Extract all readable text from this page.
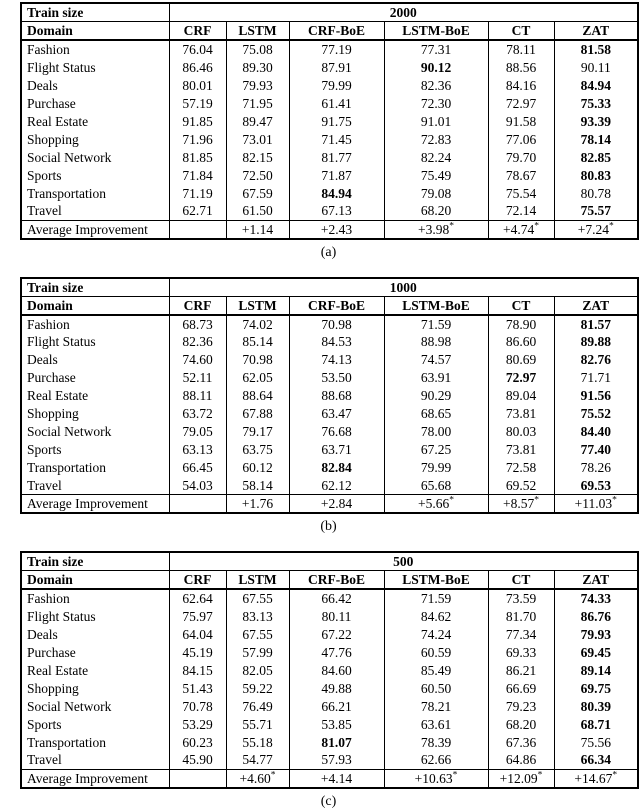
Train size	2000					
Domain	CRF	LSTM	CRF-BoE	LSTM-BoE	CT	ZAT
Fashion	76.04	75.08	77.19	77.31	78.11	81.58
Flight Status	86.46	89.30	87.91	90.12	88.56	90.11
Deals	80.01	79.93	79.99	82.36	84.16	84.94
Purchase	57.19	71.95	61.41	72.30	72.97	75.33
Real Estate	91.85	89.47	91.75	91.01	91.58	93.39
Shopping	71.96	73.01	71.45	72.83	77.06	78.14
Social Network	81.85	82.15	81.77	82.24	79.70	82.85
Sports	71.84	72.50	71.87	75.49	78.67	80.83
Transportation	71.19	67.59	84.94	79.08	75.54	80.78
Travel	62.71	61.50	67.13	68.20	72.14	75.57
Average Improvement		+1.14	+2.43	+3.98*	+4.74*	+7.24*
(a)
Train size	1000					
Domain	CRF	LSTM	CRF-BoE	LSTM-BoE	CT	ZAT
Fashion	68.73	74.02	70.98	71.59	78.90	81.57
Flight Status	82.36	85.14	84.53	88.98	86.60	89.88
Deals	74.60	70.98	74.13	74.57	80.69	82.76
Purchase	52.11	62.05	53.50	63.91	72.97	71.71
Real Estate	88.11	88.64	88.68	90.29	89.04	91.56
Shopping	63.72	67.88	63.47	68.65	73.81	75.52
Social Network	79.05	79.17	76.68	78.00	80.03	84.40
Sports	63.13	63.75	63.71	67.25	73.81	77.40
Transportation	66.45	60.12	82.84	79.99	72.58	78.26
Travel	54.03	58.14	62.12	65.68	69.52	69.53
Average Improvement		+1.76	+2.84	+5.66*	+8.57*	+11.03*
(b)
Train size	500					
Domain	CRF	LSTM	CRF-BoE	LSTM-BoE	CT	ZAT
Fashion	62.64	67.55	66.42	71.59	73.59	74.33
Flight Status	75.97	83.13	80.11	84.62	81.70	86.76
Deals	64.04	67.55	67.22	74.24	77.34	79.93
Purchase	45.19	57.99	47.76	60.59	69.33	69.45
Real Estate	84.15	82.05	84.60	85.49	86.21	89.14
Shopping	51.43	59.22	49.88	60.50	66.69	69.75
Social Network	70.78	76.49	66.21	78.21	79.23	80.39
Sports	53.29	55.71	53.85	63.61	68.20	68.71
Transportation	60.23	55.18	81.07	78.39	67.36	75.56
Travel	45.90	54.77	57.93	62.66	64.86	66.34
Average Improvement		+4.60*	+4.14	+10.63*	+12.09*	+14.67*
(c)
